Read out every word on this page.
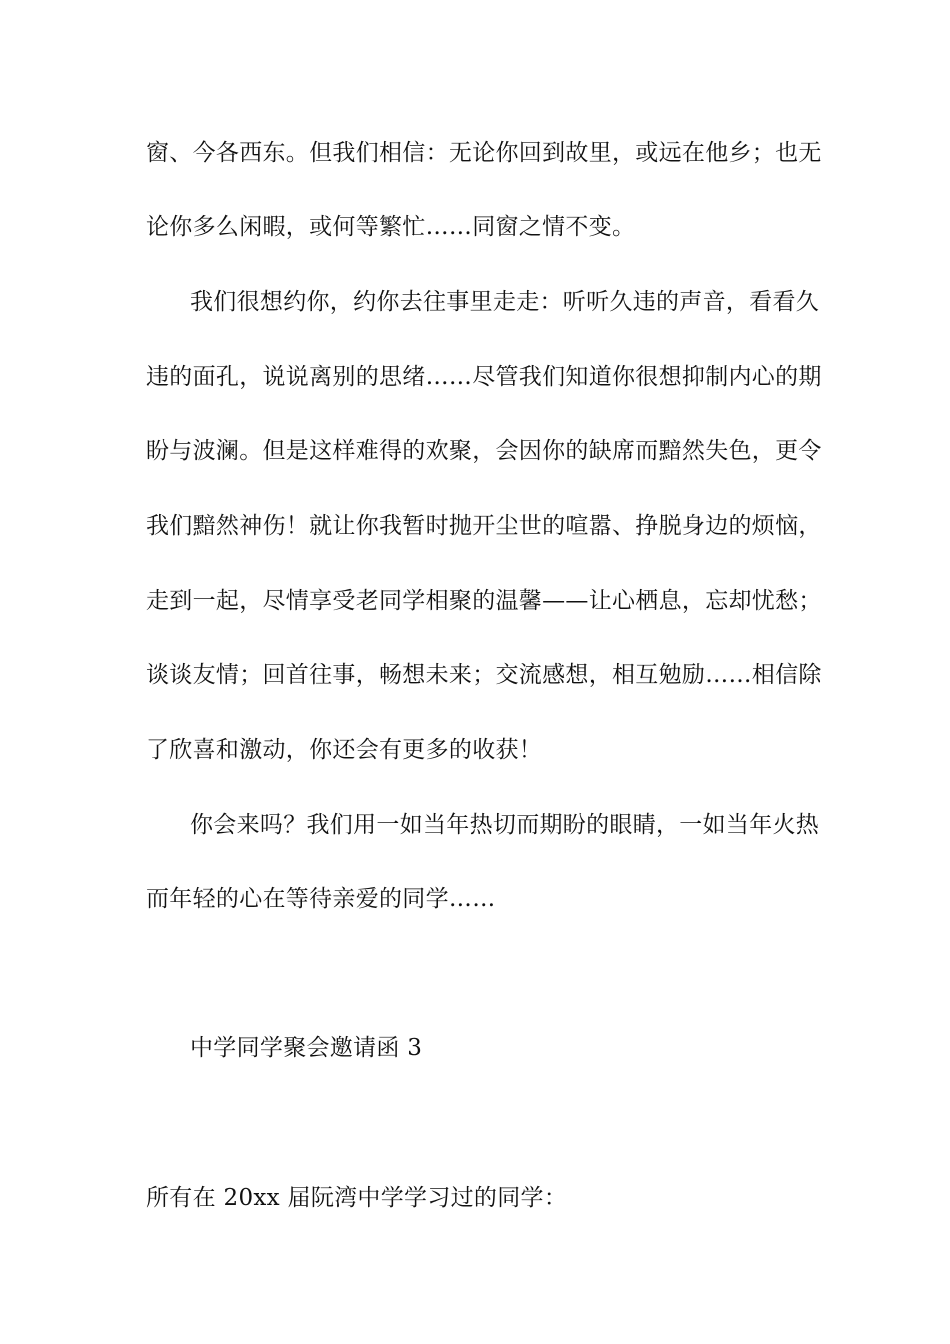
窗、今各西东。但我们相信：无论你回到故里，或远在他乡；也无
论你多么闲暇，或何等繁忙……同窗之情不变。
我们很想约你，约你去往事里走走：听听久违的声音，看看久
违的面孔，说说离别的思绪……尽管我们知道你很想抑制内心的期
盼与波澜。但是这样难得的欢聚，会因你的缺席而黯然失色，更令
我们黯然神伤！就让你我暂时抛开尘世的喧嚣、挣脱身边的烦恼，
走到一起，尽情享受老同学相聚的温馨——让心栖息，忘却忧愁；
谈谈友情；回首往事，畅想未来；交流感想，相互勉励……相信除
了欣喜和激动，你还会有更多的收获！
你会来吗？我们用一如当年热切而期盼的眼睛，一如当年火热
而年轻的心在等待亲爱的同学……
中学同学聚会邀请函 3
所有在 20xx 届阮湾中学学习过的同学：
